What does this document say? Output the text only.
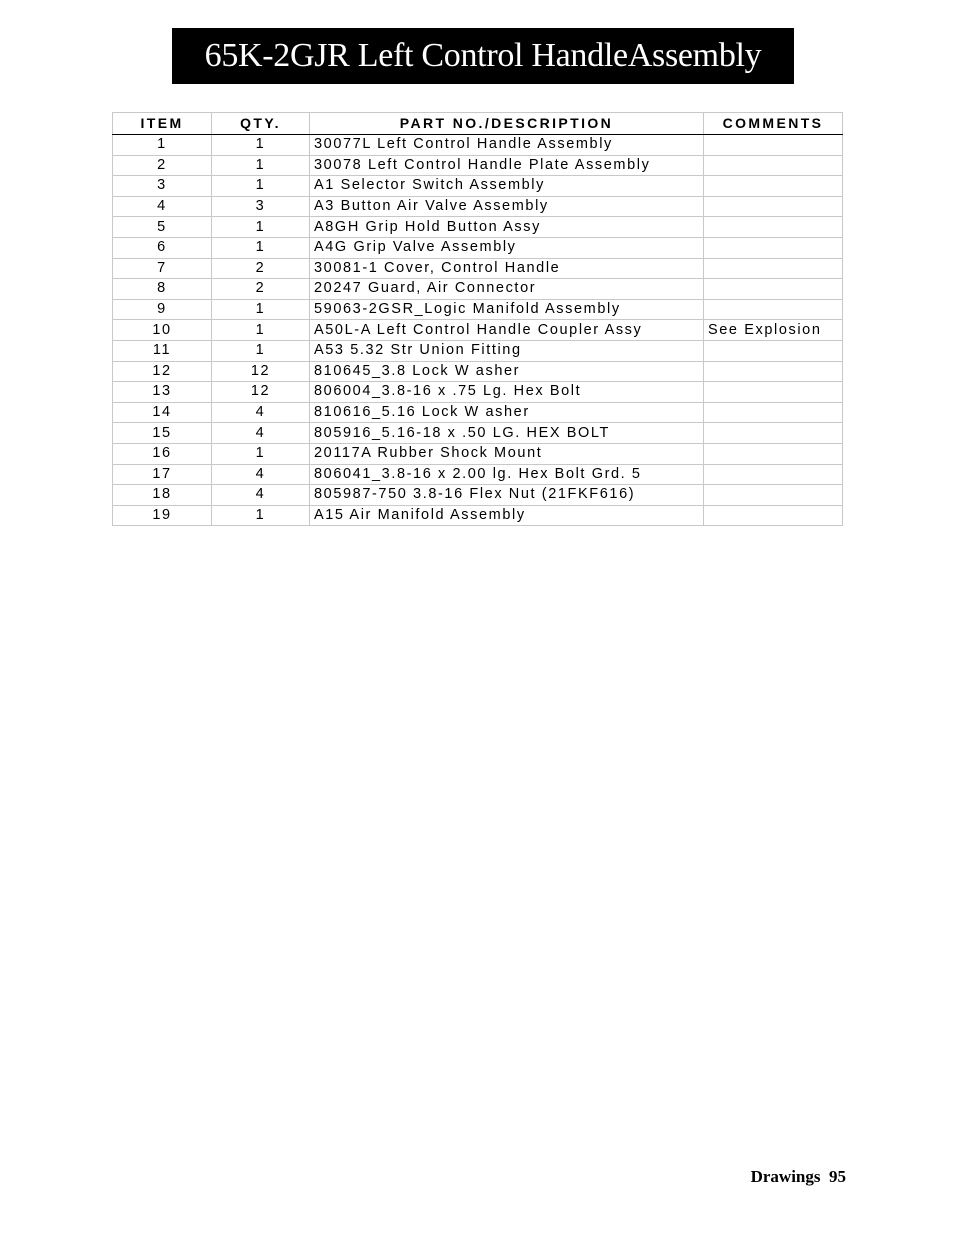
65K-2GJR Left Control HandleAssembly
ITEM	QTY.	PART NO./DESCRIPTION	COMMENTS
1	1	30077L Left Control Handle Assembly	
2	1	30078 Left Control Handle Plate Assembly	
3	1	A1 Selector Switch Assembly	
4	3	A3 Button Air Valve Assembly	
5	1	A8GH Grip Hold Button Assy	
6	1	A4G Grip Valve Assembly	
7	2	30081-1 Cover, Control Handle	
8	2	20247 Guard, Air Connector	
9	1	59063-2GSR_Logic Manifold Assembly	
10	1	A50L-A Left Control Handle Coupler Assy	See Explosion
11	1	A53 5.32 Str Union Fitting	
12	12	810645_3.8 Lock W asher	
13	12	806004_3.8-16 x .75 Lg. Hex Bolt	
14	4	810616_5.16 Lock W asher	
15	4	805916_5.16-18 x .50 LG. HEX BOLT	
16	1	20117A Rubber Shock Mount	
17	4	806041_3.8-16 x 2.00 lg. Hex Bolt Grd. 5	
18	4	805987-750 3.8-16 Flex Nut (21FKF616)	
19	1	A15 Air Manifold Assembly	
Drawings 95
